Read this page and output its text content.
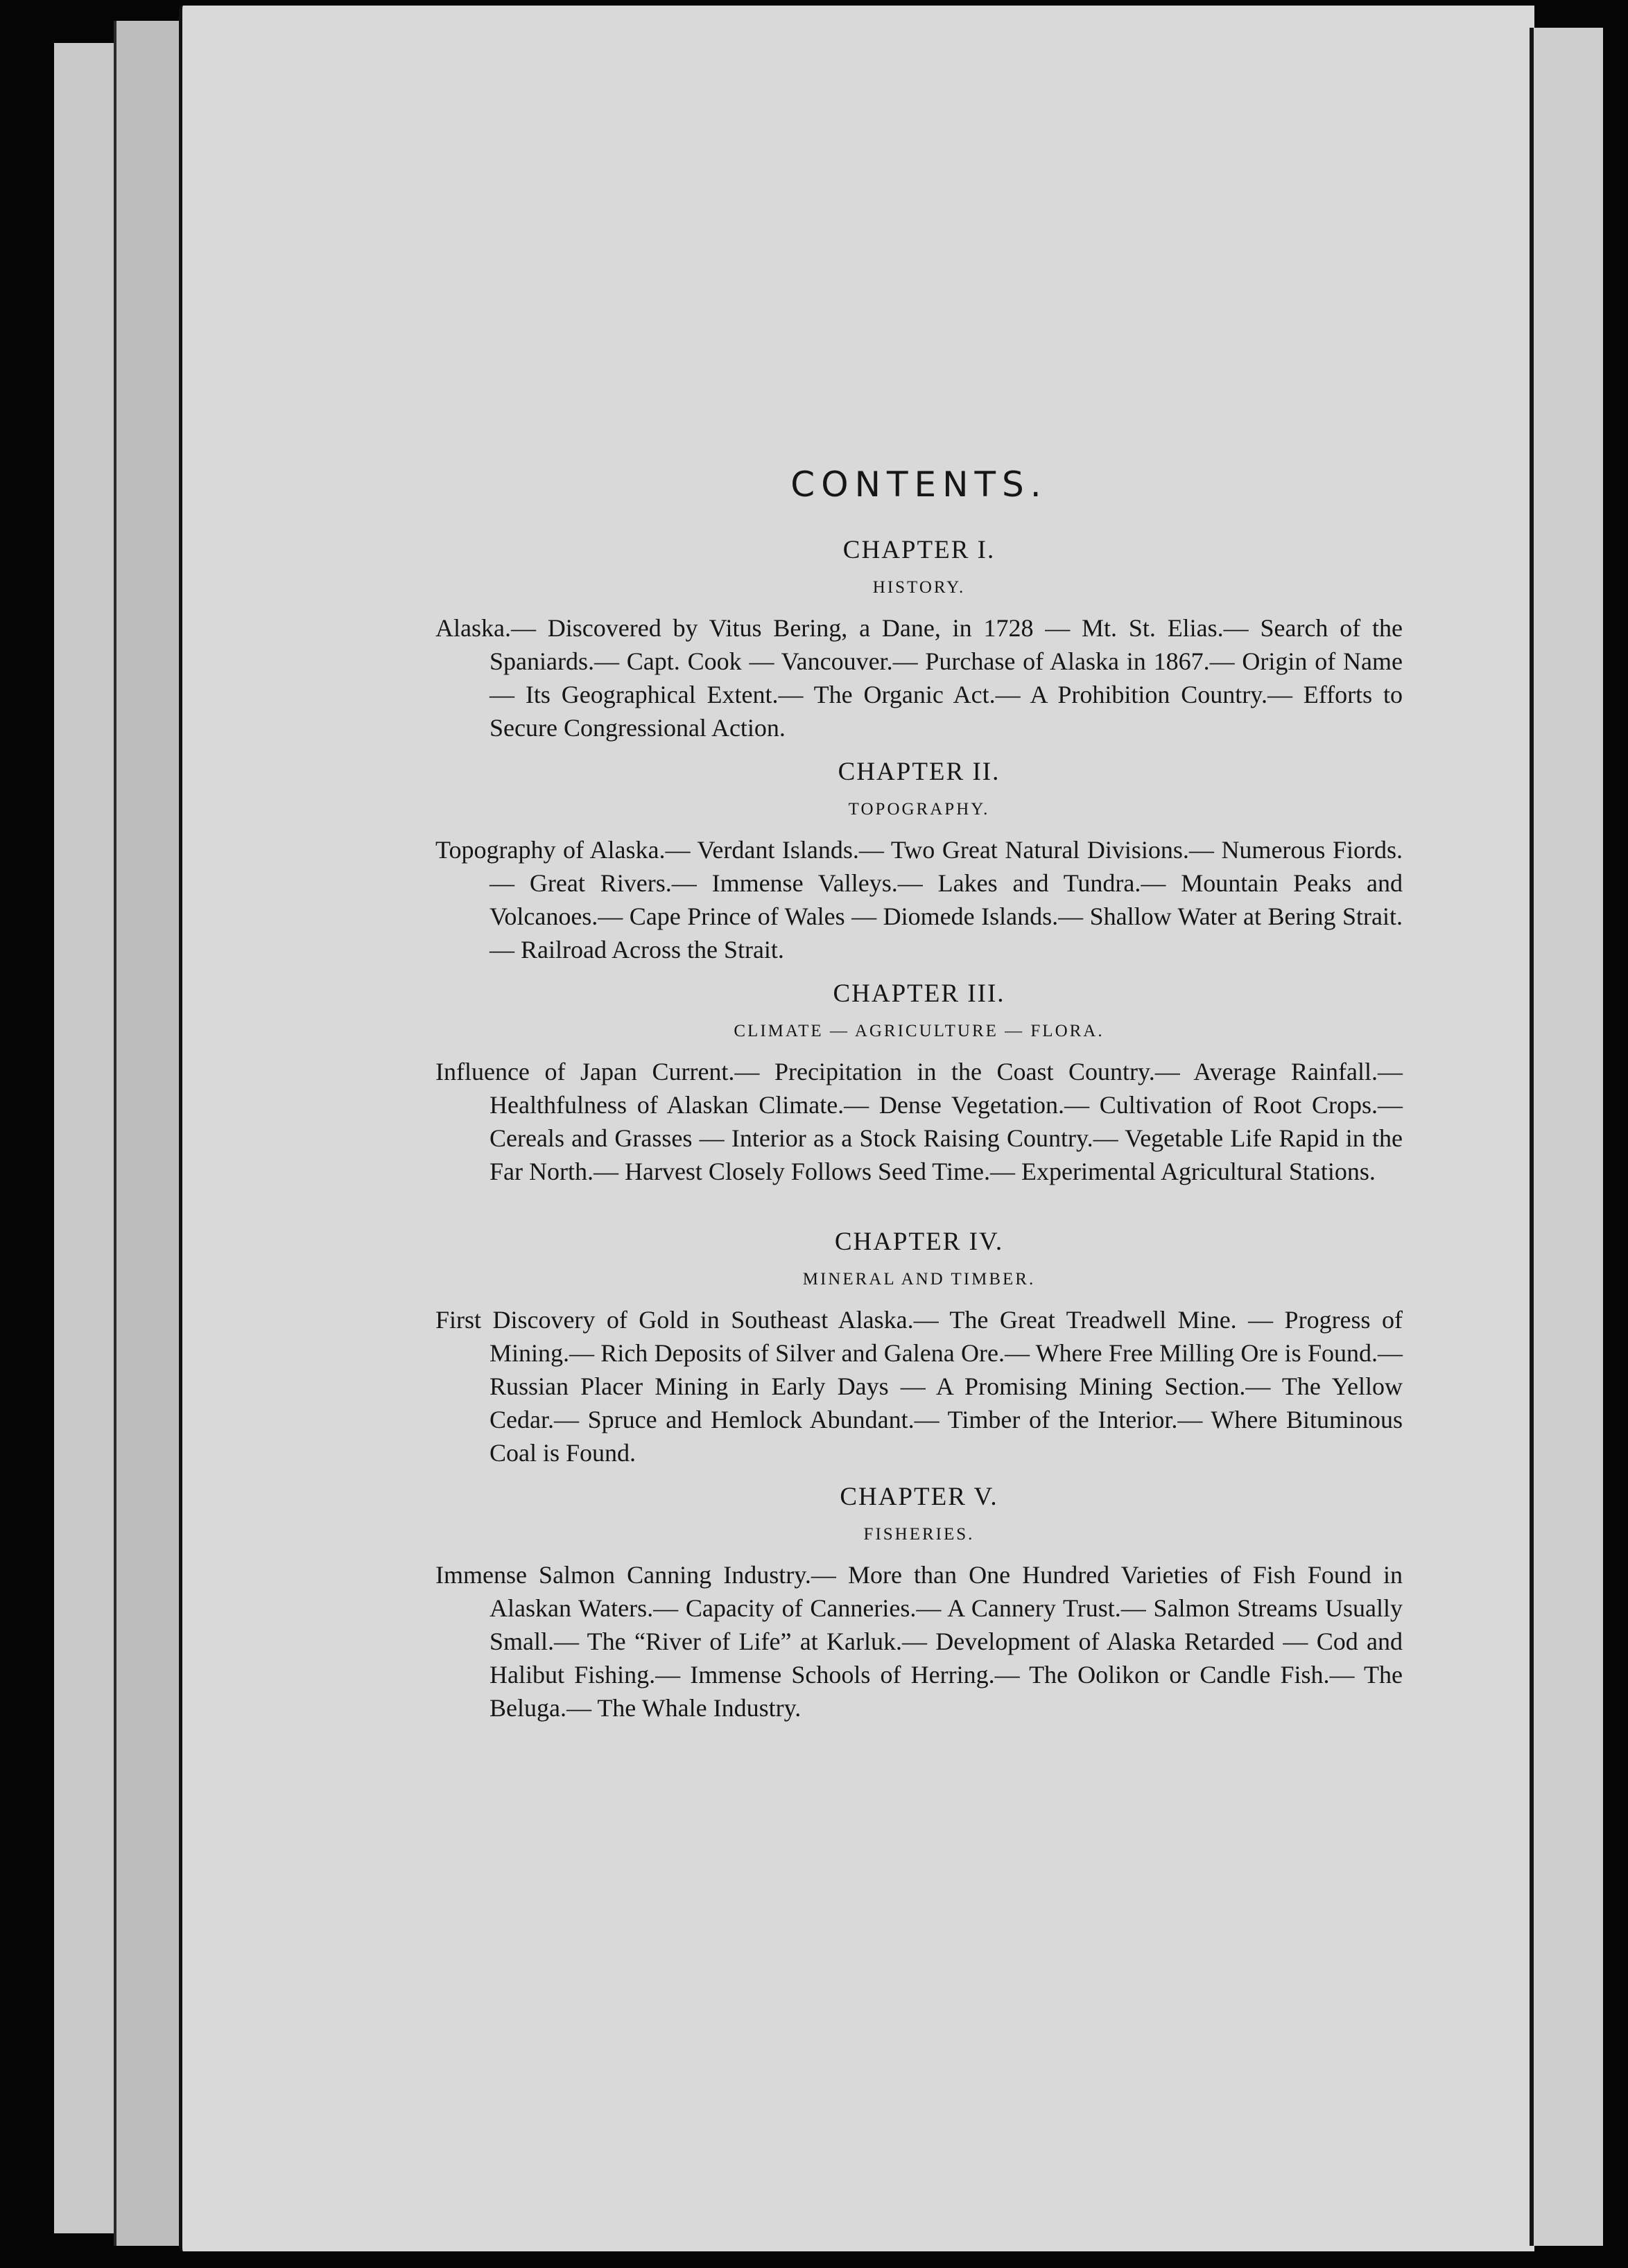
CONTENTS.
CHAPTER I.
HISTORY.

Alaska.— Discovered by Vitus Bering, a Dane, in 1728 — Mt. St. Elias.— Search of the Spaniards.— Capt. Cook — Vancouver.— Purchase of Alaska in 1867.— Origin of Name — Its Geographical Extent.— The Organic Act.— A Prohibition Country.— Efforts to Secure Congressional Action.

CHAPTER II.
TOPOGRAPHY.

Topography of Alaska.— Verdant Islands.— Two Great Natural Divisions.— Numerous Fiords.— Great Rivers.— Immense Valleys.— Lakes and Tundra.— Mountain Peaks and Volcanoes.— Cape Prince of Wales — Diomede Islands.— Shallow Water at Bering Strait.— Railroad Across the Strait.

CHAPTER III.
CLIMATE — AGRICULTURE — FLORA.

Influence of Japan Current.— Precipitation in the Coast Country.— Average Rainfall.— Healthfulness of Alaskan Climate.— Dense Vegetation.— Cultivation of Root Crops.— Cereals and Grasses — Interior as a Stock Raising Country.— Vegetable Life Rapid in the Far North.— Harvest Closely Follows Seed Time.— Experimental Agricultural Stations.

CHAPTER IV.
MINERAL AND TIMBER.

First Discovery of Gold in Southeast Alaska.— The Great Treadwell Mine. — Progress of Mining.— Rich Deposits of Silver and Galena Ore.— Where Free Milling Ore is Found.— Russian Placer Mining in Early Days — A Promising Mining Section.— The Yellow Cedar.— Spruce and Hemlock Abundant.— Timber of the Interior.— Where Bituminous Coal is Found.

CHAPTER V.
FISHERIES.

Immense Salmon Canning Industry.— More than One Hundred Varieties of Fish Found in Alaskan Waters.— Capacity of Canneries.— A Cannery Trust.— Salmon Streams Usually Small.— The “River of Life” at Karluk.— Development of Alaska Retarded — Cod and Halibut Fishing.— Immense Schools of Herring.— The Oolikon or Candle Fish.— The Beluga.— The Whale Industry.
